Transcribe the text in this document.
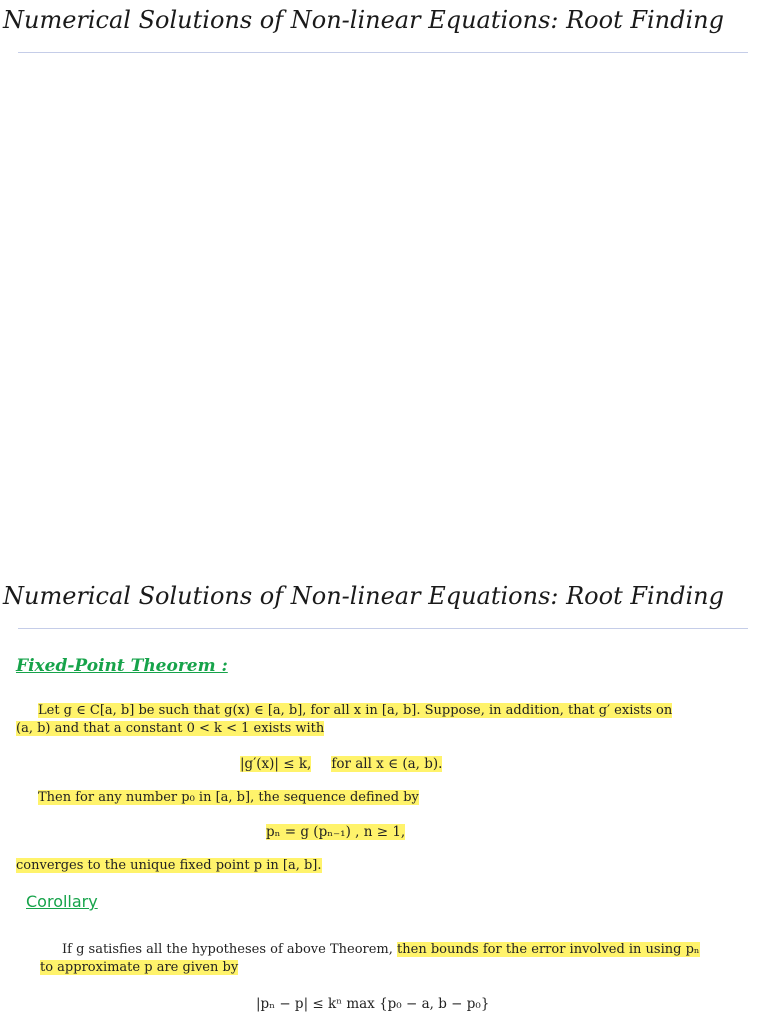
Numerical Solutions of Non-linear Equations: Root Finding
Numerical Solutions of Non-linear Equations: Root Finding
Fixed-Point Theorem :
Let g ∈ C[a, b] be such that g(x) ∈ [a, b], for all x in [a, b]. Suppose, in addition, that g′ exists on (a, b) and that a constant 0 < k < 1 exists with
|g′(x)| ≤ k, for all x ∈ (a, b).
Then for any number p₀ in [a, b], the sequence defined by
pₙ = g (pₙ₋₁) , n ≥ 1,
converges to the unique fixed point p in [a, b].
Corollary
If g satisfies all the hypotheses of above Theorem, then bounds for the error involved in using pₙ to approximate p are given by
|pₙ − p| ≤ kⁿ max {p₀ − a, b − p₀}
